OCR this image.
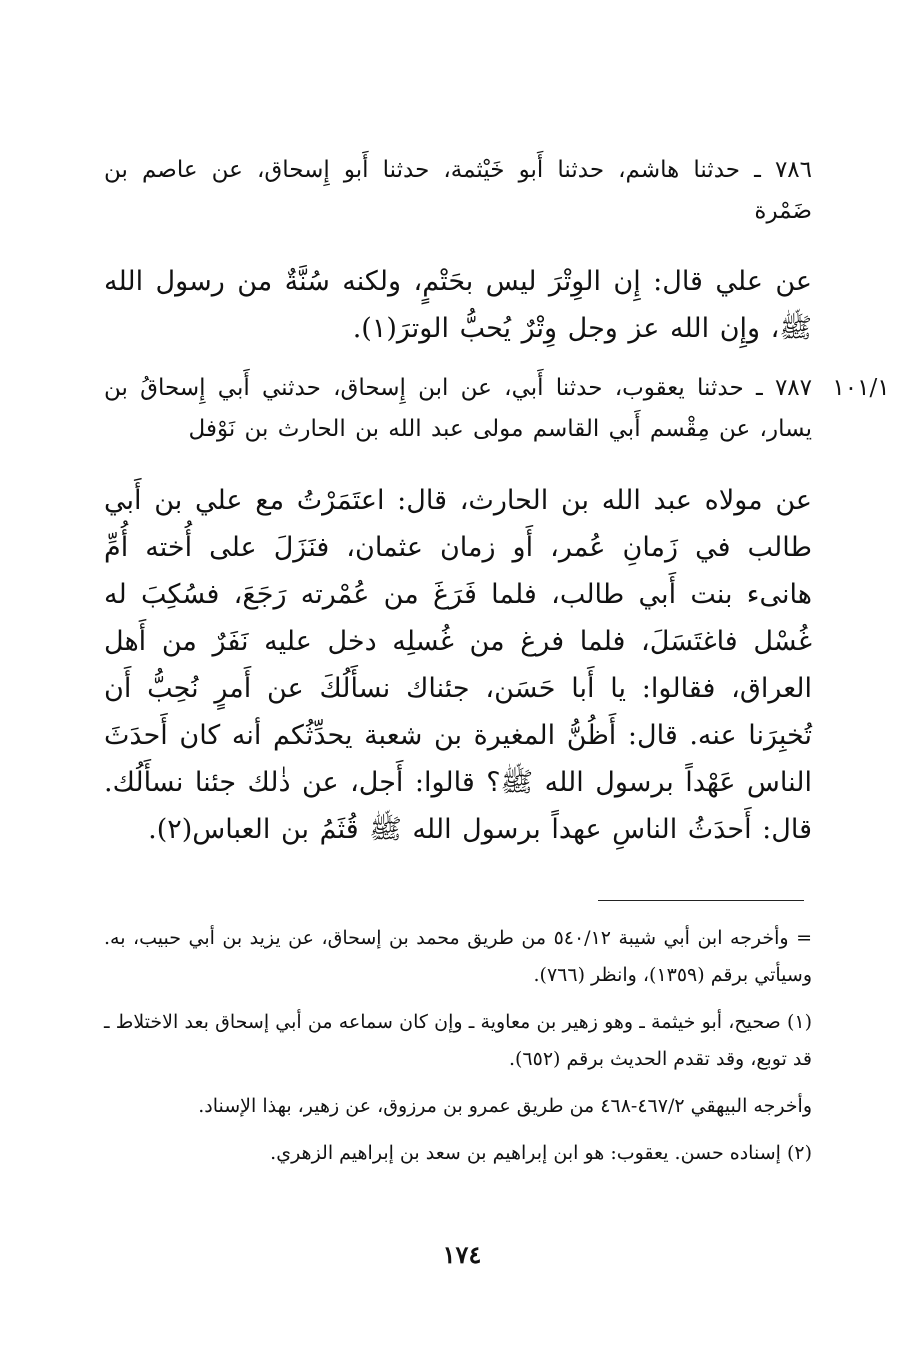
٧٨٦ ـ حدثنا هاشم، حدثنا أَبو خَيْثمة، حدثنا أَبو إِسحاق، عن عاصم بن ضَمْرة
عن علي قال: إِن الوِتْرَ ليس بحَتْمٍ، ولكنه سُنَّةٌ من رسول الله ﷺ، وإِن الله عز وجل وِتْرٌ يُحبُّ الوترَ(١).
١٠١/١
٧٨٧ ـ حدثنا يعقوب، حدثنا أَبي، عن ابن إِسحاق، حدثني أَبي إِسحاقُ بن يسار، عن مِقْسم أَبي القاسم مولى عبد الله بن الحارث بن نَوْفل
عن مولاه عبد الله بن الحارث، قال: اعتَمَرْتُ مع علي بن أَبي طالب في زَمانِ عُمر، أَو زمان عثمان، فنَزَلَ على أُخته أُمِّ هانىء بنت أَبي طالب، فلما فَرَغَ من عُمْرته رَجَعَ، فسُكِبَ له غُسْل فاغتَسَلَ، فلما فرغ من غُسلِه دخل عليه نَفَرٌ من أَهل العراق، فقالوا: يا أَبا حَسَن، جئناك نسأَلُكَ عن أَمرٍ نُحِبُّ أَن تُخبِرَنا عنه. قال: أَظُنُّ المغيرة بن شعبة يحدِّثُكم أنه كان أَحدَثَ الناس عَهْداً برسول الله ﷺ؟ قالوا: أَجل، عن ذٰلك جئنا نسأَلُك. قال: أَحدَثُ الناسِ عهداً برسول الله ﷺ قُثَمُ بن العباس(٢).

= وأخرجه ابن أبي شيبة ٥٤٠/١٢ من طريق محمد بن إسحاق، عن يزيد بن أبي حبيب، به. وسيأتي برقم (١٣٥٩)، وانظر (٧٦٦).

(١) صحيح، أبو خيثمة ـ وهو زهير بن معاوية ـ وإن كان سماعه من أبي إسحاق بعد الاختلاط ـ قد توبع، وقد تقدم الحديث برقم (٦٥٢).

وأخرجه البيهقي ٤٦٧/٢-٤٦٨ من طريق عمرو بن مرزوق، عن زهير، بهذا الإسناد.

(٢) إسناده حسن. يعقوب: هو ابن إبراهيم بن سعد بن إبراهيم الزهري.

١٧٤
